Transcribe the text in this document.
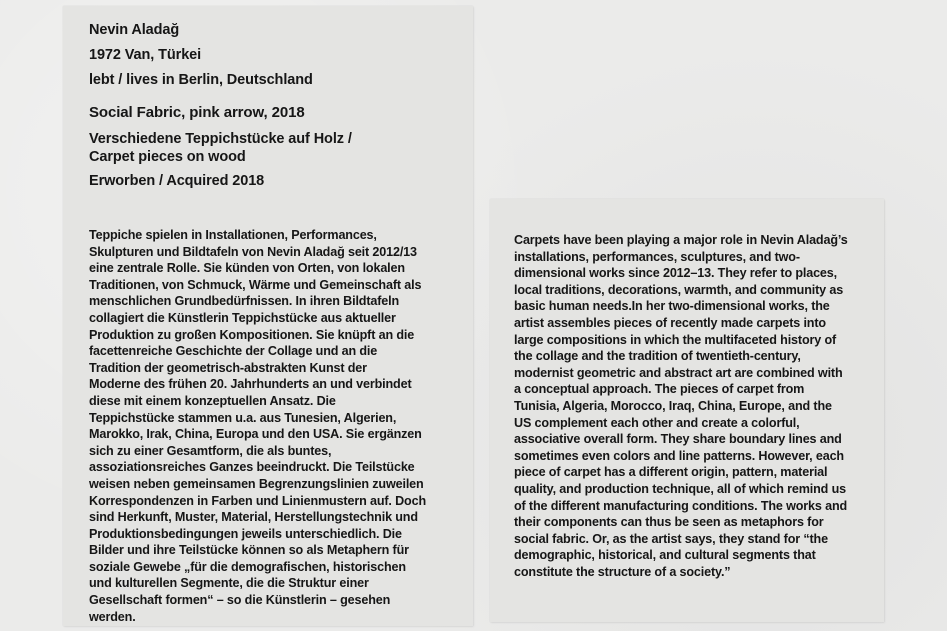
Nevin Aladağ
1972 Van, Türkei
lebt / lives in Berlin, Deutschland
Social Fabric, pink arrow, 2018
Verschiedene Teppichstücke auf Holz /
Carpet pieces on wood
Erworben / Acquired 2018
Teppiche spielen in Installationen, Performances,
Skulpturen und Bildtafeln von Nevin Aladağ seit 2012/13
eine zentrale Rolle. Sie künden von Orten, von lokalen
Traditionen, von Schmuck, Wärme und Gemeinschaft als
menschlichen Grundbedürfnissen. In ihren Bildtafeln
collagiert die Künstlerin Teppichstücke aus aktueller
Produktion zu großen Kompositionen. Sie knüpft an die
facettenreiche Geschichte der Collage und an die
Tradition der geometrisch-abstrakten Kunst der
Moderne des frühen 20. Jahrhunderts an und verbindet
diese mit einem konzeptuellen Ansatz. Die
Teppichstücke stammen u.a. aus Tunesien, Algerien,
Marokko, Irak, China, Europa und den USA. Sie ergänzen
sich zu einer Gesamtform, die als buntes,
assoziationsreiches Ganzes beeindruckt. Die Teilstücke
weisen neben gemeinsamen Begrenzungslinien zuweilen
Korrespondenzen in Farben und Linienmustern auf. Doch
sind Herkunft, Muster, Material, Herstellungstechnik und
Produktionsbedingungen jeweils unterschiedlich. Die
Bilder und ihre Teilstücke können so als Metaphern für
soziale Gewebe „für die demografischen, historischen
und kulturellen Segmente, die die Struktur einer
Gesellschaft formen“ – so die Künstlerin – gesehen
werden.
Carpets have been playing a major role in Nevin Aladağ’s
installations, performances, sculptures, and two-
dimensional works since 2012–13. They refer to places,
local traditions, decorations, warmth, and community as
basic human needs.In her two-dimensional works, the
artist assembles pieces of recently made carpets into
large compositions in which the multifaceted history of
the collage and the tradition of twentieth-century,
modernist geometric and abstract art are combined with
a conceptual approach. The pieces of carpet from
Tunisia, Algeria, Morocco, Iraq, China, Europe, and the
US complement each other and create a colorful,
associative overall form. They share boundary lines and
sometimes even colors and line patterns. However, each
piece of carpet has a different origin, pattern, material
quality, and production technique, all of which remind us
of the different manufacturing conditions. The works and
their components can thus be seen as metaphors for
social fabric. Or, as the artist says, they stand for “the
demographic, historical, and cultural segments that
constitute the structure of a society.”
